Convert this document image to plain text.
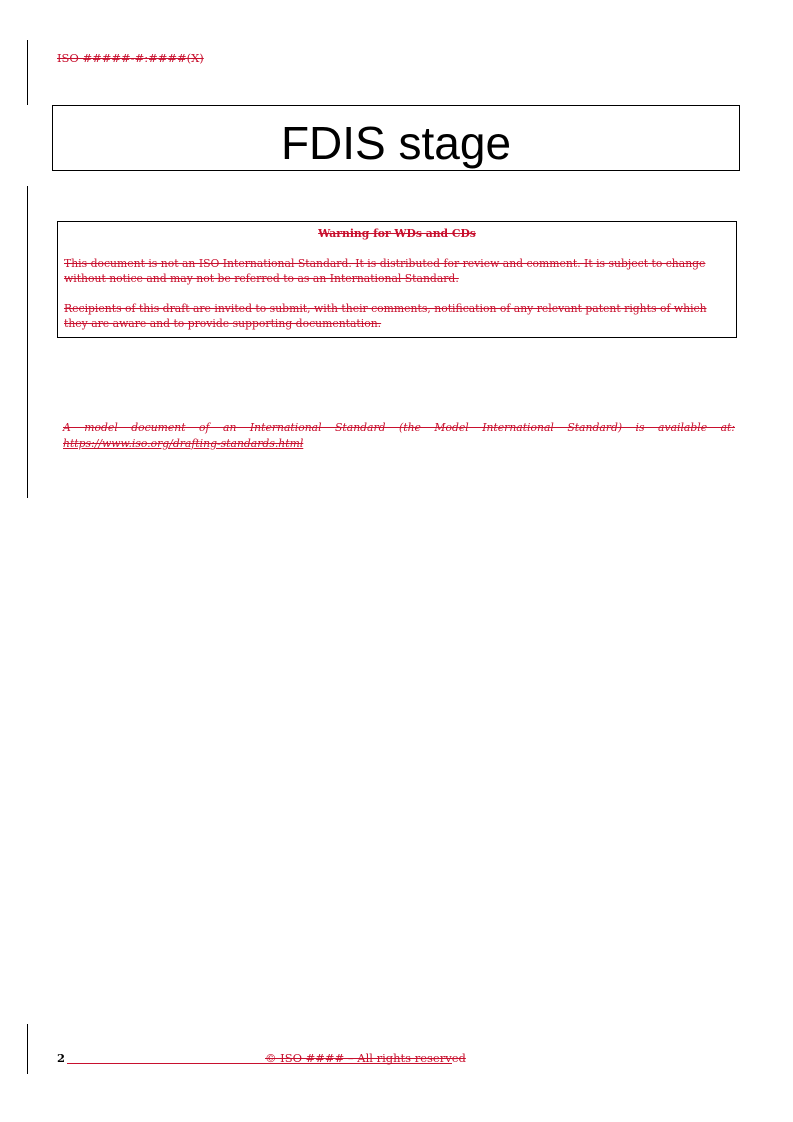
ISO #####-#:####(X)

FDIS stage

Warning for WDs and CDs

This document is not an ISO International Standard. It is distributed for review and comment. It is subject to change without notice and may not be referred to as an International Standard.

Recipients of this draft are invited to submit, with their comments, notification of any relevant patent rights of which they are aware and to provide supporting documentation.

A model document of an International Standard (the Model International Standard) is available at:
https://www.iso.org/drafting-standards.html

2	© ISO #### – All rights reserved
